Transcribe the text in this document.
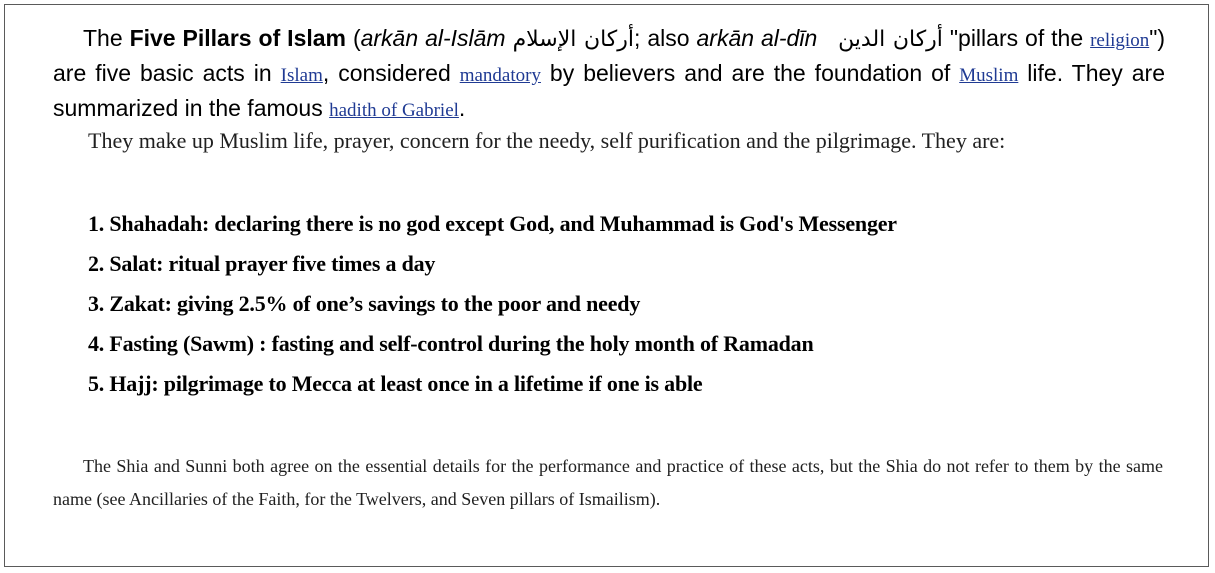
The Five Pillars of Islam (arkān al-Islām أركان الإسلام; also arkān al-dīn أركان الدين "pillars of the religion") are five basic acts in Islam, considered mandatory by believers and are the foundation of Muslim life. They are summarized in the famous hadith of Gabriel.

They make up Muslim life, prayer, concern for the needy, self purification and the pilgrimage. They are:

1. Shahadah: declaring there is no god except God, and Muhammad is God's Messenger
2. Salat: ritual prayer five times a day
3. Zakat: giving 2.5% of one’s savings to the poor and needy
4. Fasting (Sawm) : fasting and self-control during the holy month of Ramadan
5. Hajj: pilgrimage to Mecca at least once in a lifetime if one is able

The Shia and Sunni both agree on the essential details for the performance and practice of these acts, but the Shia do not refer to them by the same name (see Ancillaries of the Faith, for the Twelvers, and Seven pillars of Ismailism).
